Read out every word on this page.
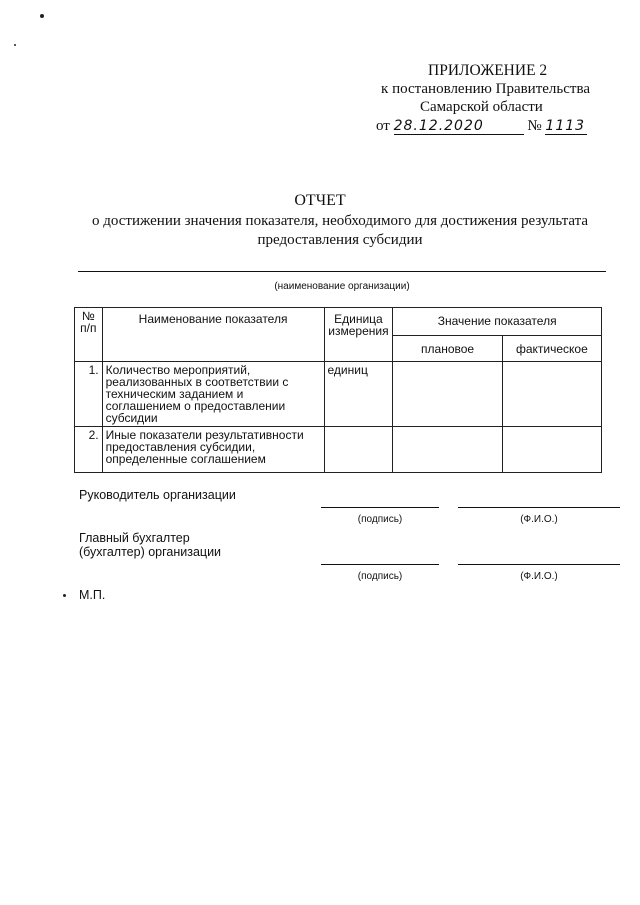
ПРИЛОЖЕНИЕ 2
к постановлению Правительства
Самарской области
от 28.12.2020	№ 1113
ОТЧЕТ
о достижении значения показателя, необходимого для достижения результата
предоставления субсидии
(наименование организации)
№ п/п	Наименование показателя	Единица измерения	Значение показателя	
			плановое	фактическое
1.	Количество мероприятий, реализованных в соответствии с техническим заданием и соглашением о предоставлении субсидии	единиц		
2.	Иные показатели результативности предоставления субсидии, определенные соглашением			
Руководитель организации
(подпись)	(Ф.И.О.)
Главный бухгалтер
(бухгалтер) организации
(подпись)	(Ф.И.О.)
М.П.
